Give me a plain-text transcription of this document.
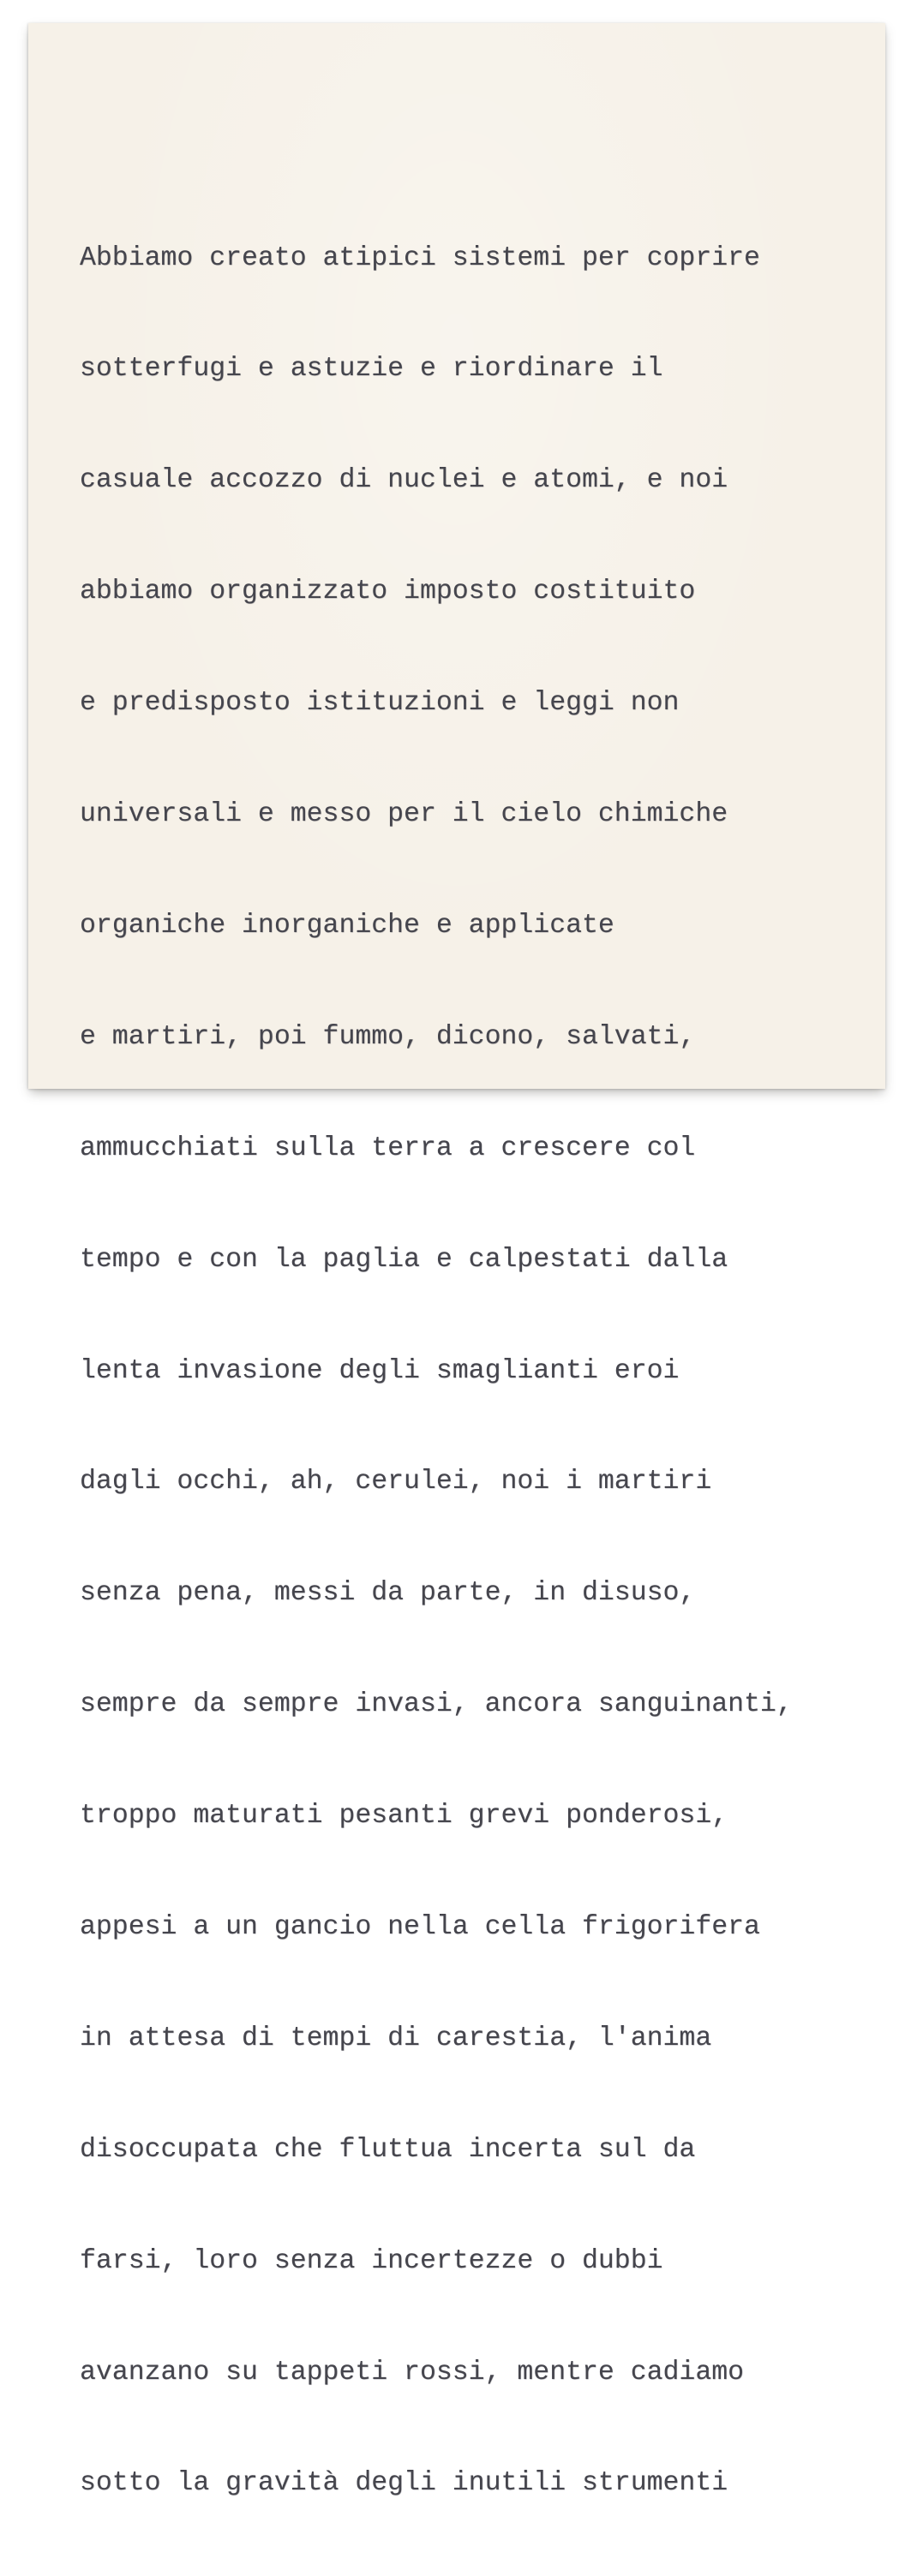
Abbiamo creato atipici sistemi per coprire

sotterfugi e astuzie e riordinare il

casuale accozzo di nuclei e atomi, e noi

abbiamo organizzato imposto costituito

e predisposto istituzioni e leggi non

universali e messo per il cielo chimiche

organiche inorganiche e applicate

e martiri, poi fummo, dicono, salvati,

ammucchiati sulla terra a crescere col

tempo e con la paglia e calpestati dalla

lenta invasione degli smaglianti eroi

dagli occhi, ah, cerulei, noi i martiri

senza pena, messi da parte, in disuso,

sempre da sempre invasi, ancora sanguinanti,

troppo maturati pesanti grevi ponderosi,

appesi a un gancio nella cella frigorifera

in attesa di tempi di carestia, l'anima

disoccupata che fluttua incerta sul da

farsi, loro senza incertezze o dubbi

avanzano su tappeti rossi, mentre cadiamo

sotto la gravità degli inutili strumenti
